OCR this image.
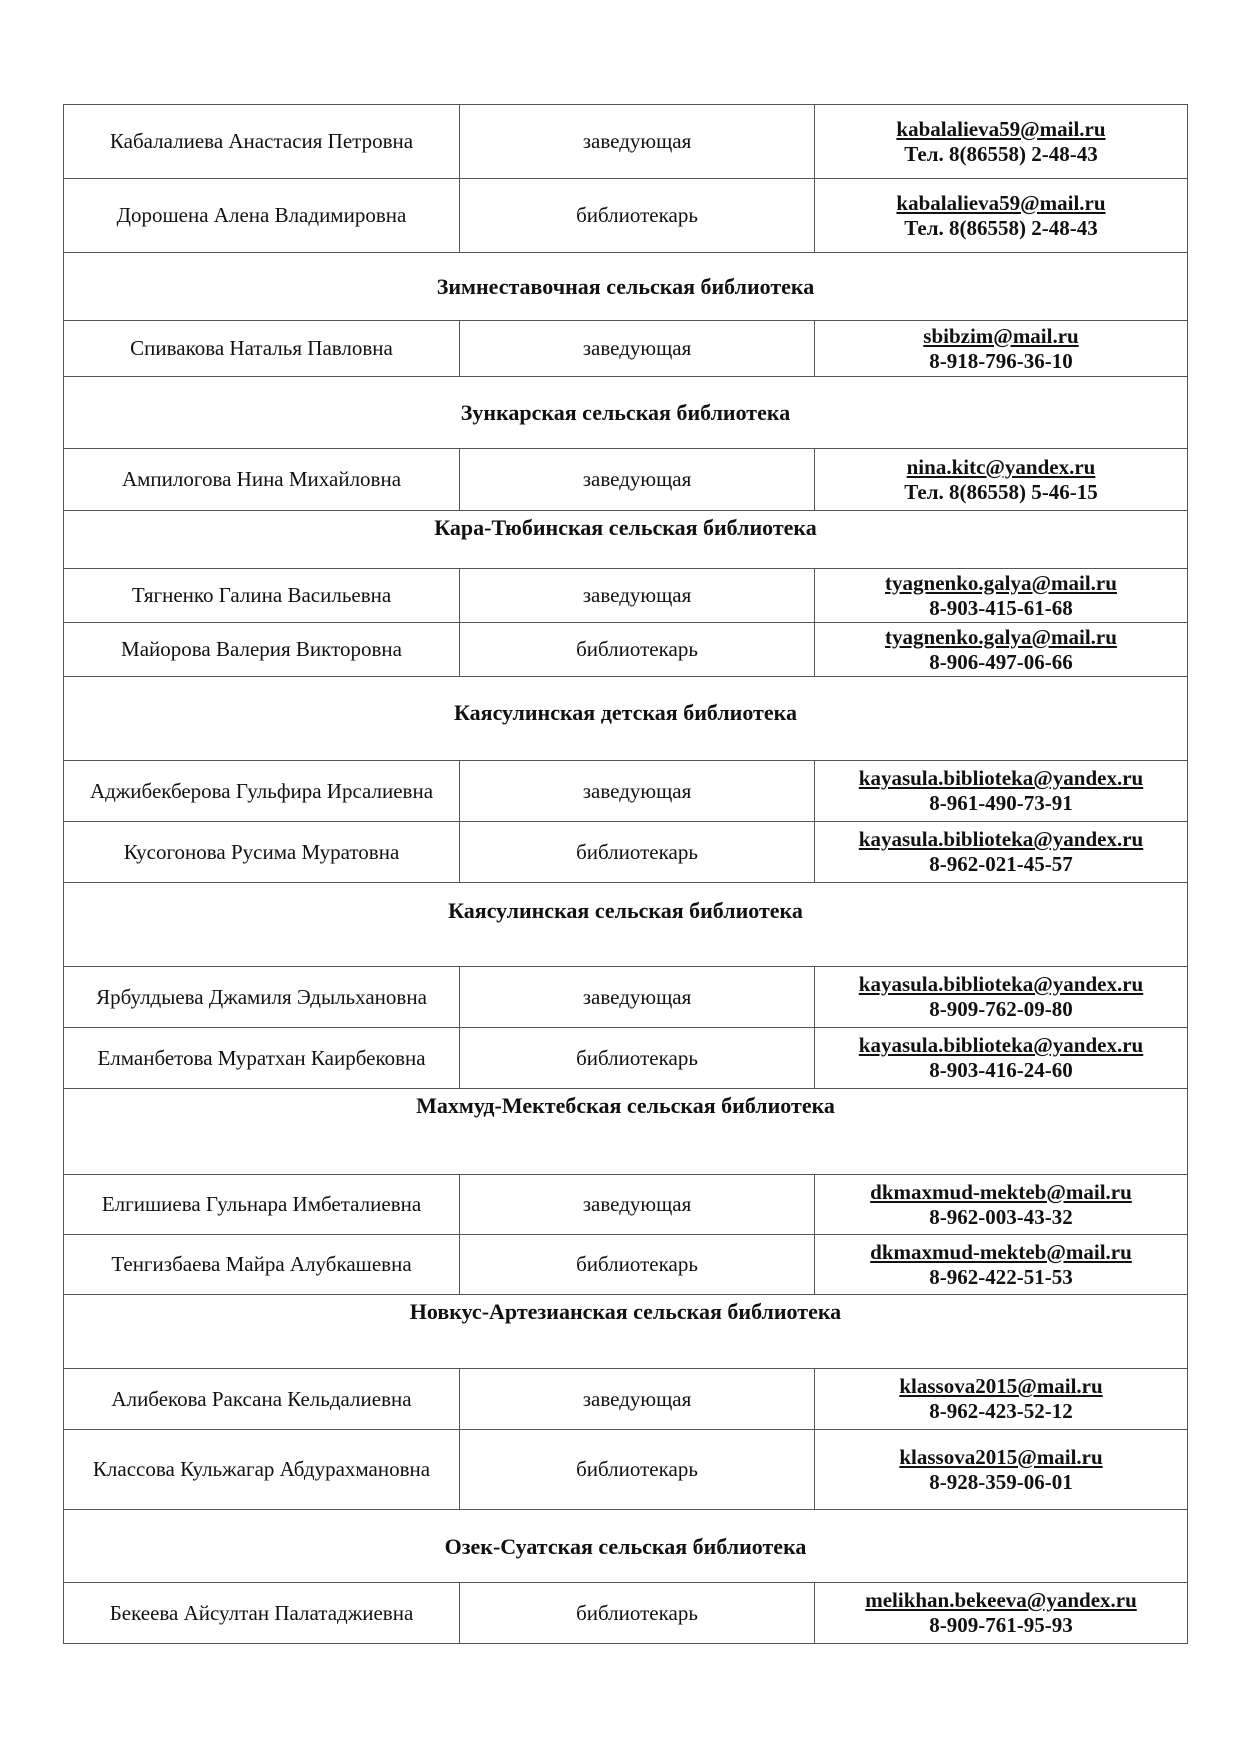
Кабалалиева Анастасия Петровна	заведующая	kabalalieva59@mail.ru
Тел. 8(86558) 2-48-43

Дорошена Алена Владимировна	библиотекарь	kabalalieva59@mail.ru
Тел. 8(86558) 2-48-43

Зимнеставочная сельская библиотека		
Спивакова Наталья Павловна	заведующая	sbibzim@mail.ru
8-918-796-36-10

Зункарская сельская библиотека		
Ампилогова Нина Михайловна	заведующая	nina.kitc@yandex.ru
Тел. 8(86558) 5-46-15

Кара-Тюбинская сельская библиотека		
Тягненко Галина Васильевна	заведующая	tyagnenko.galya@mail.ru
8-903-415-61-68

Майорова Валерия Викторовна	библиотекарь	tyagnenko.galya@mail.ru
8-906-497-06-66

Каясулинская детская библиотека		
Аджибекберова Гульфира Ирсалиевна	заведующая	kayasula.biblioteka@yandex.ru
8-961-490-73-91

Кусогонова Русима Муратовна	библиотекарь	kayasula.biblioteka@yandex.ru
8-962-021-45-57

Каясулинская сельская библиотека		
Ярбулдыева Джамиля Эдыльхановна	заведующая	kayasula.biblioteka@yandex.ru
8-909-762-09-80

Елманбетова Муратхан Каирбековна	библиотекарь	kayasula.biblioteka@yandex.ru
8-903-416-24-60

Махмуд-Мектебская сельская библиотека		
Елгишиева Гульнара Имбеталиевна	заведующая	dkmaxmud-mekteb@mail.ru
8-962-003-43-32

Тенгизбаева Майра Алубкашевна	библиотекарь	dkmaxmud-mekteb@mail.ru
8-962-422-51-53

Новкус-Артезианская сельская библиотека		
Алибекова Раксана Кельдалиевна	заведующая	klassova2015@mail.ru
8-962-423-52-12

Классова Кульжагар Абдурахмановна	библиотекарь	klassova2015@mail.ru
8-928-359-06-01

Озек-Суатская сельская библиотека		
Бекеева Айсултан Палатаджиевна	библиотекарь	melikhan.bekeeva@yandex.ru
8-909-761-95-93
